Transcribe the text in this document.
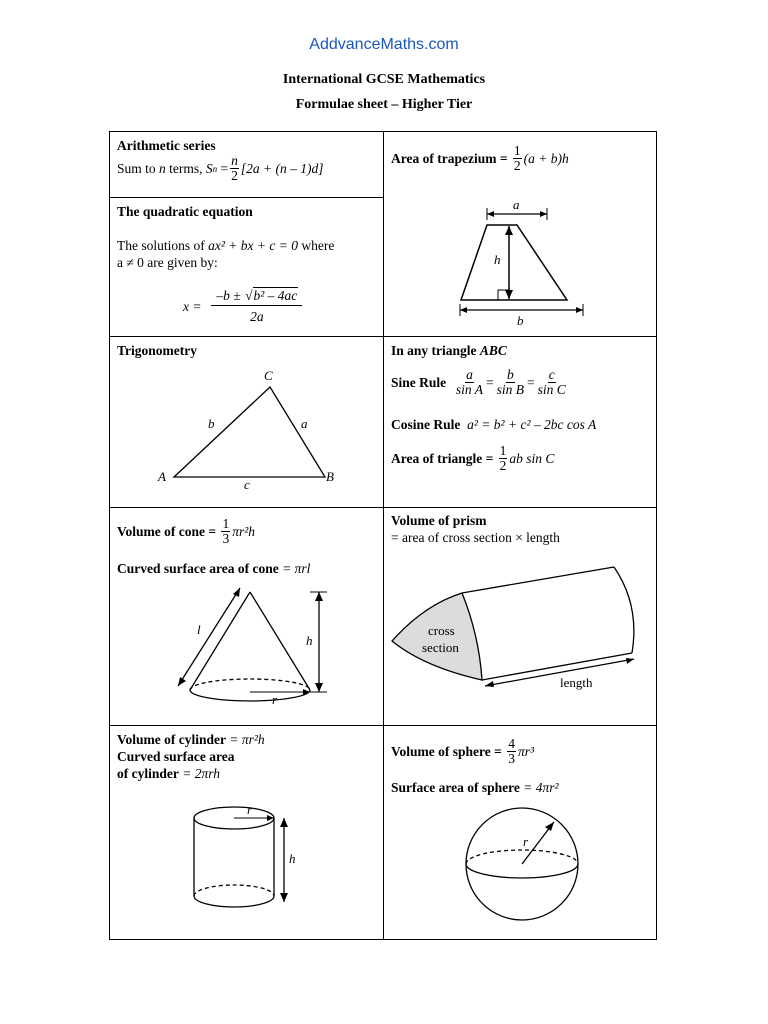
AddvanceMaths.com
International GCSE Mathematics
Formulae sheet – Higher Tier
Arithmetic series
Sum to
n
terms,
S n
= $\frac{n}{2} [2a + (n - 1)d]$
Area of trapezium =
$\frac{1}{2} (a + b)h$
a
h
b
The quadratic equation
The solutions of ax² + bx + c = 0 where
a ≠ 0 are given by:
x =
$\frac{\text{–b ± √b² – 4ac}}{2a}$
Trigonometry
C
A	B
b	a
c
In any triangle ABC
Sine Rule
$\frac{a}{\text{sin A}} = \frac{b}{\text{sin B}} = \frac{c}{\text{sin C}}$
Cosine Rule a² = b² + c² – 2bc cos A
Area of triangle =
$\frac{1}{2}$ ab sin C
Volume of cone =
$\frac{1}{3} \pi r^2h$
Curved surface area of cone = πrl
l
h
r
Volume of prism
= area of cross section × length
cross
section
length
Volume of cylinder = πr²h
Curved surface area
of cylinder = 2πrh
r
h
Volume of sphere =
$\frac{4}{3} \pi r^3$
Surface area of sphere = 4πr²
r
